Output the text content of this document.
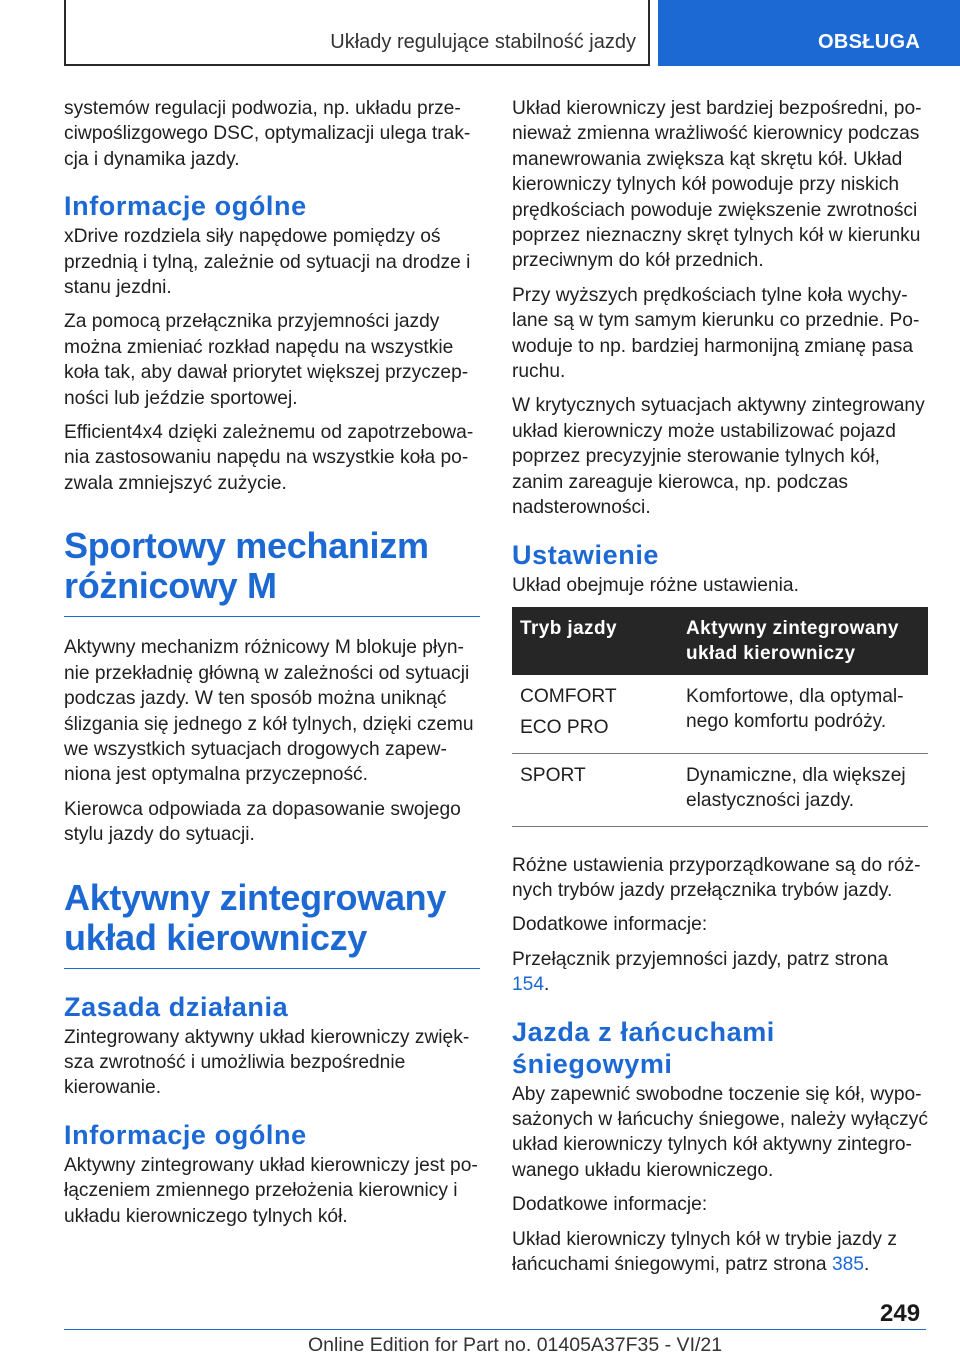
Układy regulujące stabilność jazdy	OBSŁUGA

systemów regulacji podwozia, np. układu przeciwpoślizgowego DSC, optymalizacji ulega trakcja i dynamika jazdy.

Informacje ogólne

xDrive rozdziela siły napędowe pomiędzy oś przednią i tylną, zależnie od sytuacji na drodze i stanu jezdni.

Za pomocą przełącznika przyjemności jazdy można zmieniać rozkład napędu na wszystkie koła tak, aby dawał priorytet większej przyczepności lub jeździe sportowej.

Efficient4x4 dzięki zależnemu od zapotrzebowania zastosowaniu napędu na wszystkie koła pozwala zmniejszyć zużycie.

Sportowy mechanizm różnicowy M

Aktywny mechanizm różnicowy M blokuje płynnie przekładnię główną w zależności od sytuacji podczas jazdy. W ten sposób można uniknąć ślizgania się jednego z kół tylnych, dzięki czemu we wszystkich sytuacjach drogowych zapewniona jest optymalna przyczepność.

Kierowca odpowiada za dopasowanie swojego stylu jazdy do sytuacji.

Aktywny zintegrowany układ kierowniczy
Zasada działania

Zintegrowany aktywny układ kierowniczy zwiększa zwrotność i umożliwia bezpośrednie kierowanie.

Informacje ogólne

Aktywny zintegrowany układ kierowniczy jest połączeniem zmiennego przełożenia kierownicy i układu kierowniczego tylnych kół.

Układ kierowniczy jest bardziej bezpośredni, ponieważ zmienna wrażliwość kierownicy podczas manewrowania zwiększa kąt skrętu kół. Układ kierowniczy tylnych kół powoduje przy niskich prędkościach powoduje zwiększenie zwrotności poprzez nieznaczny skręt tylnych kół w kierunku przeciwnym do kół przednich.

Przy wyższych prędkościach tylne koła wychylane są w tym samym kierunku co przednie. Powoduje to np. bardziej harmonijną zmianę pasa ruchu.

W krytycznych sytuacjach aktywny zintegrowany układ kierowniczy może ustabilizować pojazd poprzez precyzyjnie sterowanie tylnych kół, zanim zareaguje kierowca, np. podczas nadsterowności.

Ustawienie

Układ obejmuje różne ustawienia.

Tryb jazdy	Aktywny zintegrowany układ kierowniczy

COMFORT
ECO PRO	Komfortowe, dla optymalnego komfortu podróży.

SPORT	Dynamiczne, dla większej elastyczności jazdy.

Różne ustawienia przyporządkowane są do różnych trybów jazdy przełącznika trybów jazdy.

Dodatkowe informacje:

Przełącznik przyjemności jazdy, patrz strona 154.

Jazda z łańcuchami śniegowymi

Aby zapewnić swobodne toczenie się kół, wyposażonych w łańcuchy śniegowe, należy wyłączyć układ kierowniczy tylnych kół aktywny zintegrowanego układu kierowniczego.

Dodatkowe informacje:

Układ kierowniczy tylnych kół w trybie jazdy z łańcuchami śniegowymi, patrz strona 385.

249
Online Edition for Part no. 01405A37F35 - VI/21
